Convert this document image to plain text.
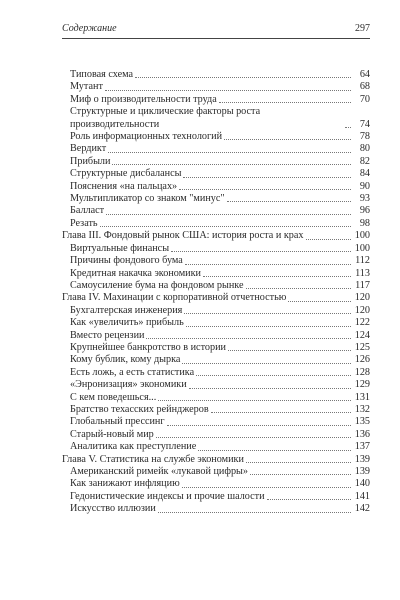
Содержание	297
Типовая схема	64
Мутант	68
Миф о производительности труда	70
Структурные и циклические факторы роста производительности	74
Роль информационных технологий	78
Вердикт	80
Прибыли	82
Структурные дисбалансы	84
Пояснения «на пальцах»	90
Мультипликатор со знаком "минус"	93
Балласт	96
Резать	98
Глава III. Фондовый рынок США: история роста и крах	100
Виртуальные финансы	100
Причины фондового бума	112
Кредитная накачка экономики	113
Самоусиление бума на фондовом рынке	117
Глава IV. Махинации с корпоративной отчетностью	120
Бухгалтерская инженерия	120
Как «увеличить» прибыль	122
Вместо рецензии	124
Крупнейшее банкротство в истории	125
Кому бублик, кому дырка	126
Есть ложь, а есть статистика	128
«Энронизация» экономики	129
С кем поведешься...	131
Братство техасских рейнджеров	132
Глобальный прессинг	135
Старый-новый мир	136
Аналитика как преступление	137
Глава V. Статистика на службе экономики	139
Американский римейк «лукавой цифры»	139
Как занижают инфляцию	140
Гедонистические индексы и прочие шалости	141
Искусство иллюзии	142
